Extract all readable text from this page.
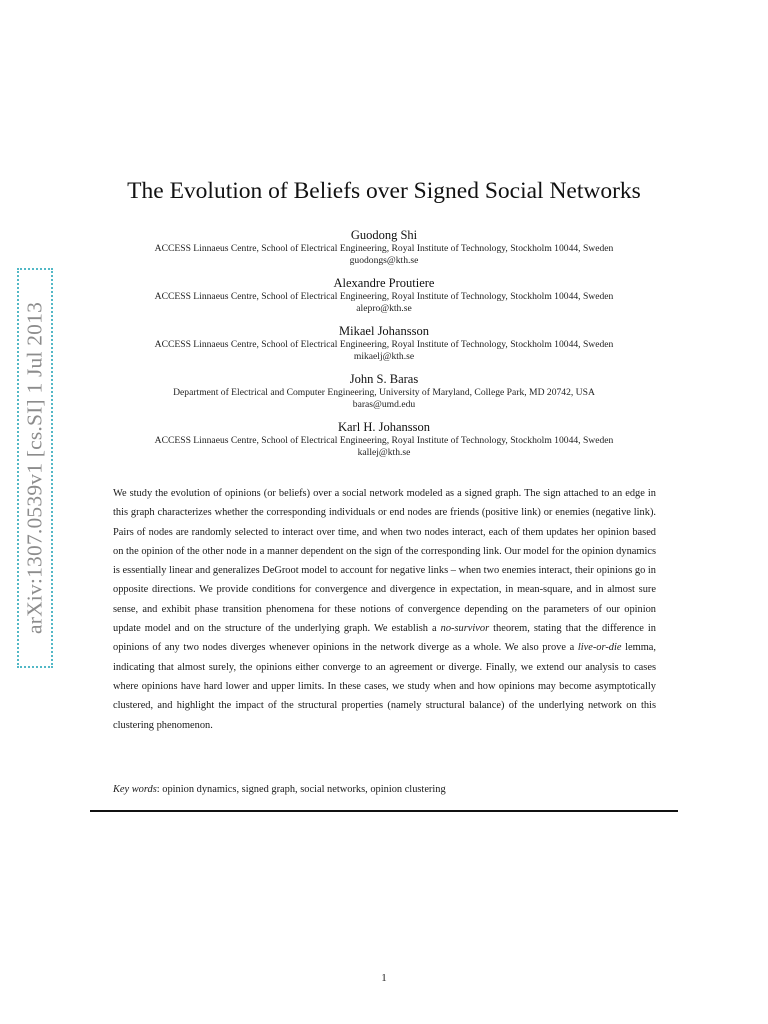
arXiv:1307.0539v1 [cs.SI] 1 Jul 2013
The Evolution of Beliefs over Signed Social Networks
Guodong Shi
ACCESS Linnaeus Centre, School of Electrical Engineering, Royal Institute of Technology, Stockholm 10044, Sweden
guodongs@kth.se
Alexandre Proutiere
ACCESS Linnaeus Centre, School of Electrical Engineering, Royal Institute of Technology, Stockholm 10044, Sweden
alepro@kth.se
Mikael Johansson
ACCESS Linnaeus Centre, School of Electrical Engineering, Royal Institute of Technology, Stockholm 10044, Sweden
mikaelj@kth.se
John S. Baras
Department of Electrical and Computer Engineering, University of Maryland, College Park, MD 20742, USA
baras@umd.edu
Karl H. Johansson
ACCESS Linnaeus Centre, School of Electrical Engineering, Royal Institute of Technology, Stockholm 10044, Sweden
kallej@kth.se
We study the evolution of opinions (or beliefs) over a social network modeled as a signed graph. The sign attached to an edge in this graph characterizes whether the corresponding individuals or end nodes are friends (positive link) or enemies (negative link). Pairs of nodes are randomly selected to interact over time, and when two nodes interact, each of them updates her opinion based on the opinion of the other node in a manner dependent on the sign of the corresponding link. Our model for the opinion dynamics is essentially linear and generalizes DeGroot model to account for negative links – when two enemies interact, their opinions go in opposite directions. We provide conditions for convergence and divergence in expectation, in mean-square, and in almost sure sense, and exhibit phase transition phenomena for these notions of convergence depending on the parameters of our opinion update model and on the structure of the underlying graph. We establish a no-survivor theorem, stating that the difference in opinions of any two nodes diverges whenever opinions in the network diverge as a whole. We also prove a live-or-die lemma, indicating that almost surely, the opinions either converge to an agreement or diverge. Finally, we extend our analysis to cases where opinions have hard lower and upper limits. In these cases, we study when and how opinions may become asymptotically clustered, and highlight the impact of the structural properties (namely structural balance) of the underlying network on this clustering phenomenon.
Key words: opinion dynamics, signed graph, social networks, opinion clustering
1
